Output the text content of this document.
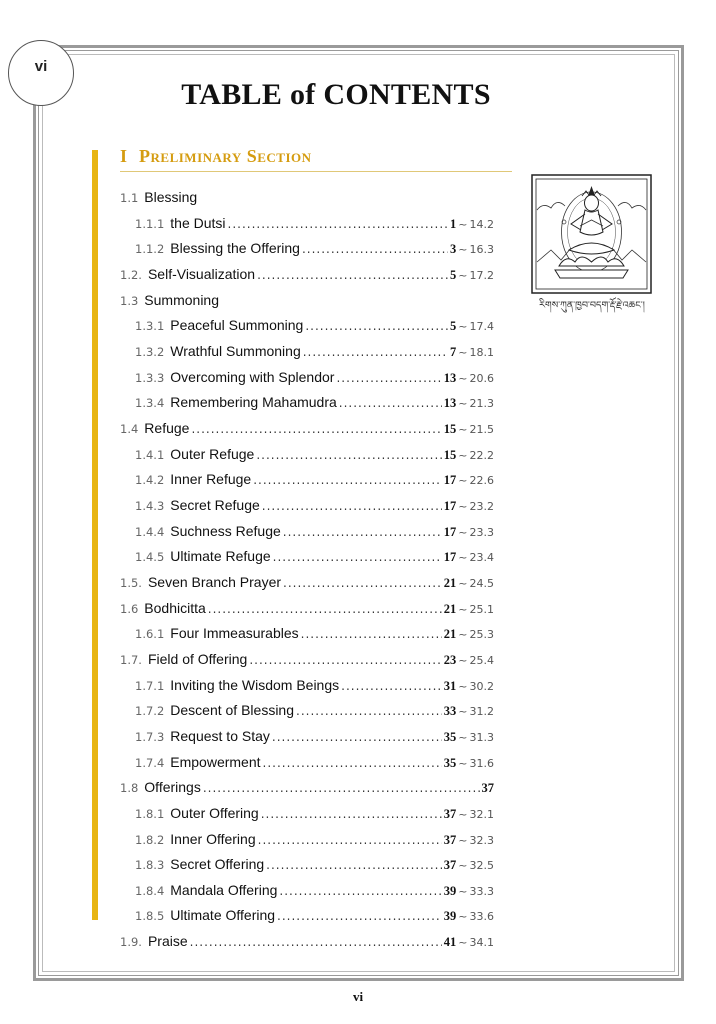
vi
TABLE of CONTENTS
I Preliminary Section
1.1 Blessing
1.1.1 the Dutsi .....	1 ~ 14.2
1.1.2 Blessing the Offering .....	3 ~ 16.3
1.2. Self-Visualization .....	5 ~ 17.2
1.3 Summoning
1.3.1 Peaceful Summoning .....	5 ~ 17.4
1.3.2 Wrathful Summoning .....	7 ~ 18.1
1.3.3 Overcoming with Splendor .....	13 ~ 20.6
1.3.4 Remembering Mahamudra .....	13 ~ 21.3
1.4 Refuge .....	15 ~ 21.5
1.4.1 Outer Refuge .....	15 ~ 22.2
1.4.2 Inner Refuge .....	17 ~ 22.6
1.4.3 Secret Refuge .....	17 ~ 23.2
1.4.4 Suchness Refuge .....	17 ~ 23.3
1.4.5 Ultimate Refuge .....	17 ~ 23.4
1.5. Seven Branch Prayer .....	21 ~ 24.5
1.6 Bodhicitta .....	21 ~ 25.1
1.6.1 Four Immeasurables .....	21 ~ 25.3
1.7. Field of Offering .....	23 ~ 25.4
1.7.1 Inviting the Wisdom Beings .....	31 ~ 30.2
1.7.2 Descent of Blessing .....	33 ~ 31.2
1.7.3 Request to Stay .....	35 ~ 31.3
1.7.4 Empowerment .....	35 ~ 31.6
1.8 Offerings .....	37
1.8.1 Outer Offering .....	37 ~ 32.1
1.8.2 Inner Offering .....	37 ~ 32.3
1.8.3 Secret Offering .....	37 ~ 32.5
1.8.4 Mandala Offering .....	39 ~ 33.3
1.8.5 Ultimate Offering .....	39 ~ 33.6
1.9. Praise .....	41 ~ 34.1
རིགས་ཀུན་ཁྱབ་བདག་རྡོ་རྗེ་འཆང་།
vi
